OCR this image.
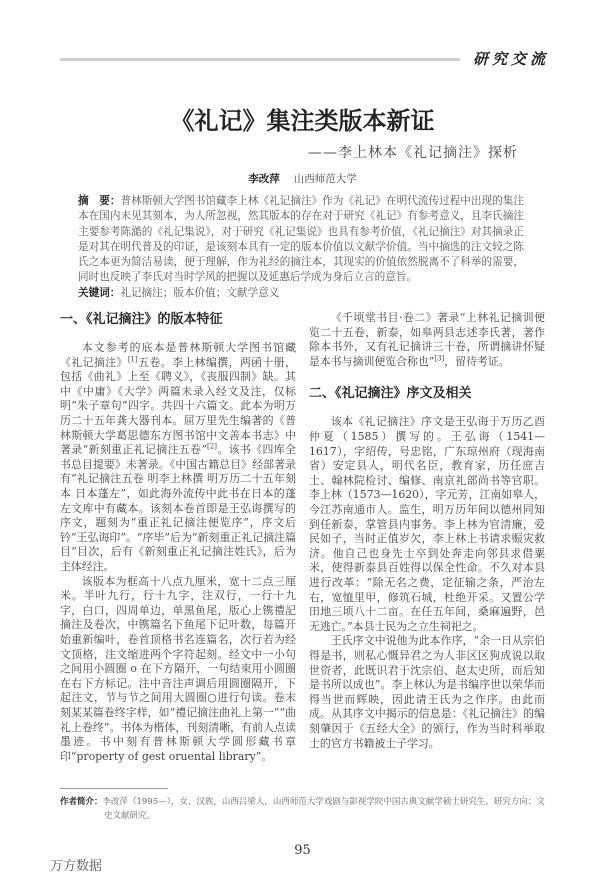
研究交流
《礼记》集注类版本新证
——李上林本《礼记摘注》探析
李改萍 山西师范大学
摘　要：普林斯顿大学图书馆藏李上林《礼记摘注》作为《礼记》在明代流传过程中出现的集注本在国内未见其刻本，为人所忽视，然其版本的存在对于研究《礼记》有参考意义，且李氏摘注主要参考陈澔的《礼记集说》，对于研究《礼记集说》也具有参考价值，《礼记摘注》对其摘录正是对其在明代普及的印证，是该刻本具有一定的版本价值以文献学价值。当中摘选的注文较之陈氏之本更为简洁易读，便于理解，作为礼经的摘注本，其现实的价值依然脱离不了科举的需要，同时也反映了李氏对当时学风的把握以及延惠后学成为身后立言的意旨。
关键词：礼记摘注；版本价值；文献学意义
一、《礼记摘注》的版本特征

本文参考的底本是普林斯顿大学图书馆藏《礼记摘注》[1]五卷。李上林编撰，两函十册，包括《曲礼》上至《聘义》，《丧服四制》缺。其中《中庸》《大学》两篇未录入经文及注，仅标明“朱子章句”四字。共四十六篇文。此本为明万历二十五年龚大器刊本。屈万里先生编著的《普林斯顿大学葛思德东方图书馆中文善本书志》中著录“新刻重正礼记摘注五卷”[2]。该书《四库全书总目提要》未著录。《中国古籍总目》经部著录有“礼记摘注五卷 明李上林撰 明万历二十五年刻本 日本蓬左”，如此海外流传中此书在日本的蓬左文库中有藏本。该刻本卷首即是王弘诲撰写的序文，题刻为“重正礼记摘注便览序”，序文后钤“王弘诲印”。“序毕”后为“新刻重正礼记摘注篇目”目次，后有《新刻重正礼记摘注姓氏》，后为主体经注。

该版本为框高十八点九厘米，宽十二点三厘米。半叶九行，行十九字，注双行，一行十九字，白口，四周单边，单黑鱼尾，版心上镌禮記摘注及卷次，中镌篇名下鱼尾下记叶数，每篇开始重新编叶，卷首顶格书名连篇名，次行若为经文顶格，注文缩进两个字符起刻。经文中一小句之间用小圆圈 o 在下方隔开，一句结束用小圆圈在右下方标记。注中音注声调后用圆圈隔开，下起注文，节与节之间用大圆圈○进行句读。卷末刻某某篇卷终字样，如“禮记摘注曲礼上第一”“曲礼上卷终”。书体为楷体，刊刻清晰，有前人点读墨迹。书中刻有普林斯顿大学圆形藏书章印“property of gest oruental library”。

《千顷堂书目·卷二》著录“上林礼记摘训便览二十五卷，新泰，如皋两县志述李氏著，著作除本书外，又有礼记摘讲三十卷，所谓摘讲怀疑是本书与摘训便览合称也”[3]，留待考证。

二、《礼记摘注》序文及相关

该本《礼记摘注》序文是王弘诲于万历乙酉仲夏（1585）撰写的。王弘诲（1541—1617），字绍传，号忠铭，广东琼州府（现海南省）安定县人，明代名臣，教育家，历任庶吉士、翰林院检讨、编修、南京礼部尚书等官职。李上林（1573—1620），字元芳，江南如皋人，今江苏南通市人。监生，明万历年间以德州同知到任新泰，掌管县内事务。李上林为官清廉，爱民如子，当时正值岁欠，李上林上书请求赈灾救济。他自己也身先士卒到处奔走向邻县求借粟米，使得新泰县百姓得以保全性命。不久对本县进行改革：“除无名之费，定征输之条，严治左右，宽恤里甲，修筑石城，杜绝开采。又置公学田地三顷八十二亩。在任五年间，桑麻遍野，邑无逃亡。”本县士民为之立生祠祀之。

王氏序文中说他为此本作序，“余一日从宗伯得是书，则私心慨异君之为人非区区狗成说以取世资者，此既识君于沈宗伯、赵太史所，而后知是书所以成也”。李上林认为是书编序世以荣华而得当世而辉映，因此请王氏为之作序。由此而成。从其序文中揭示的信息是：《礼记摘注》的编刻肇因于《五经大全》的颁行，作为当时科举取士的官方书籍被士子学习。

作者简介：李改萍（1995—），女，汉族，山西吕梁人，山西师范大学戏剧与影视学院中国古典文献学硕士研究生，研究方向：文史文献研究。
95
万方数据
